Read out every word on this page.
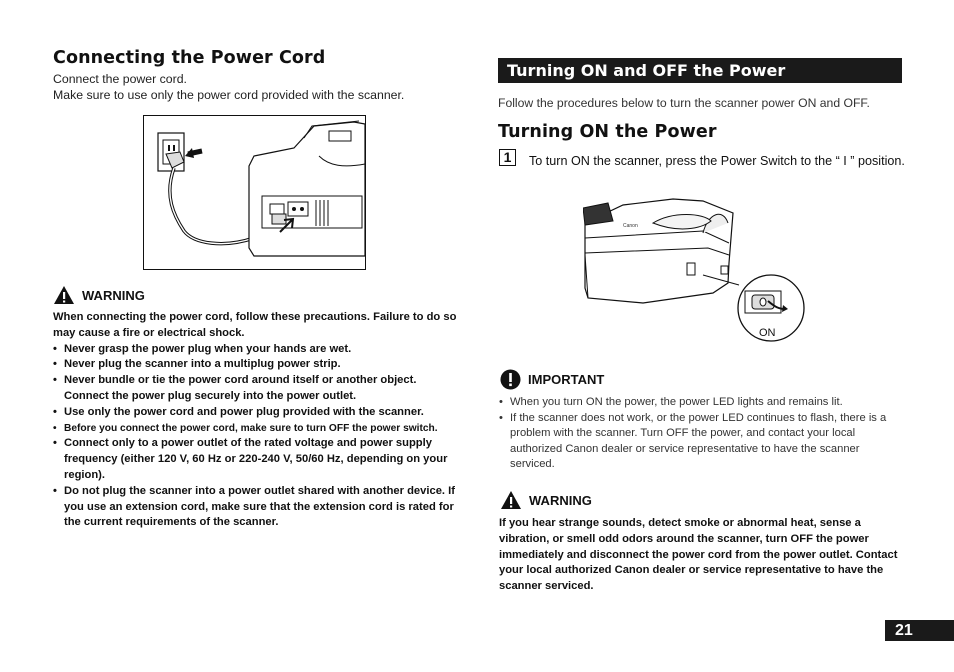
Connecting the Power Cord
Connect the power cord.
Make sure to use only the power cord provided with the scanner.
WARNING
When connecting the power cord, follow these precautions. Failure to do so may cause a fire or electrical shock.
• Never grasp the power plug when your hands are wet.
• Never plug the scanner into a multiplug power strip.
• Never bundle or tie the power cord around itself or another object. Connect the power plug securely into the power outlet.
• Use only the power cord and power plug provided with the scanner.
• Before you connect the power cord, make sure to turn OFF the power switch.
• Connect only to a power outlet of the rated voltage and power supply frequency (either 120 V, 60 Hz or 220-240 V, 50/60 Hz, depending on your region).
• Do not plug the scanner into a power outlet shared with another device. If you use an extension cord, make sure that the extension cord is rated for the current requirements of the scanner.
Turning ON and OFF the Power
Follow the procedures below to turn the scanner power ON and OFF.
Turning ON the Power
1	To turn ON the scanner, press the Power Switch to the “ I ” position.
Canon
ON
IMPORTANT
• When you turn ON the power, the power LED lights and remains lit.
• If the scanner does not work, or the power LED continues to flash, there is a problem with the scanner. Turn OFF the power, and contact your local authorized Canon dealer or service representative to have the scanner serviced.
WARNING
If you hear strange sounds, detect smoke or abnormal heat, sense a vibration, or smell odd odors around the scanner, turn OFF the power immediately and disconnect the power cord from the power outlet. Contact your local authorized Canon dealer or service representative to have the scanner serviced.
21
